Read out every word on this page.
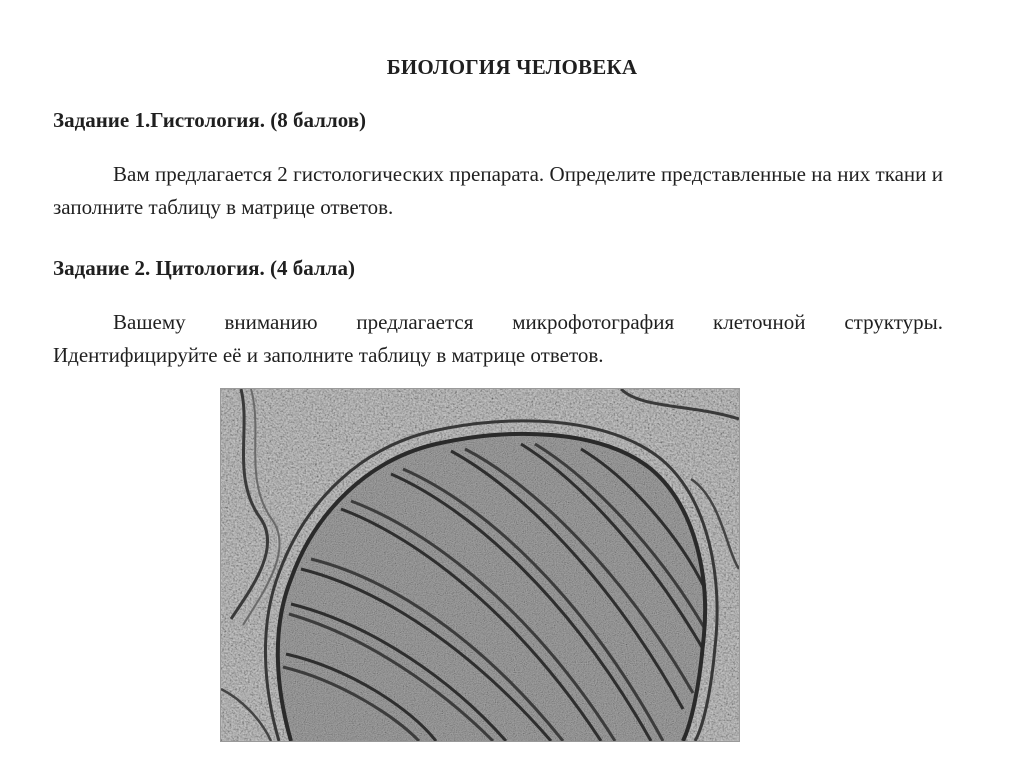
БИОЛОГИЯ ЧЕЛОВЕКА
Задание 1.Гистология. (8 баллов)
Вам предлагается 2 гистологических препарата. Определите представленные на них ткани и заполните таблицу в матрице ответов.
Задание 2. Цитология. (4 балла)
Вашему вниманию предлагается микрофотография клеточной структуры.
Идентифицируйте её и заполните таблицу в матрице ответов.
